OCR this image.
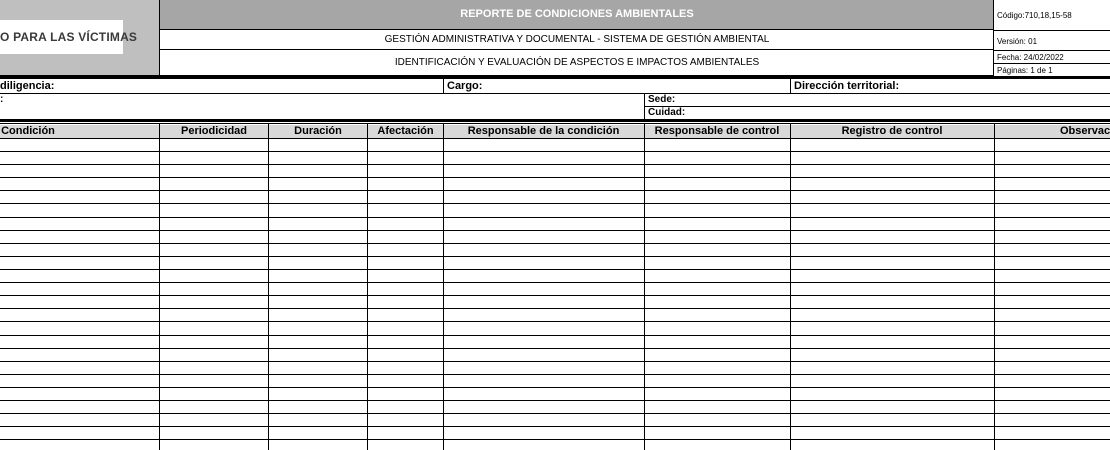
O PARA LAS VÍCTIMAS
REPORTE DE CONDICIONES AMBIENTALES
GESTIÓN ADMINISTRATIVA Y DOCUMENTAL - SISTEMA DE GESTIÓN AMBIENTAL
IDENTIFICACIÓN Y EVALUACIÓN DE ASPECTOS E IMPACTOS AMBIENTALES
Código:710,18,15-58
Versión: 01
Fecha: 24/02/2022
Páginas: 1 de 1
diligencia:	Cargo:	Dirección territorial:
:	Sede:
Cuidad:
Condición	Periodicidad	Duración	Afectación	Responsable de la condición	Responsable de control	Registro de control	Observac
